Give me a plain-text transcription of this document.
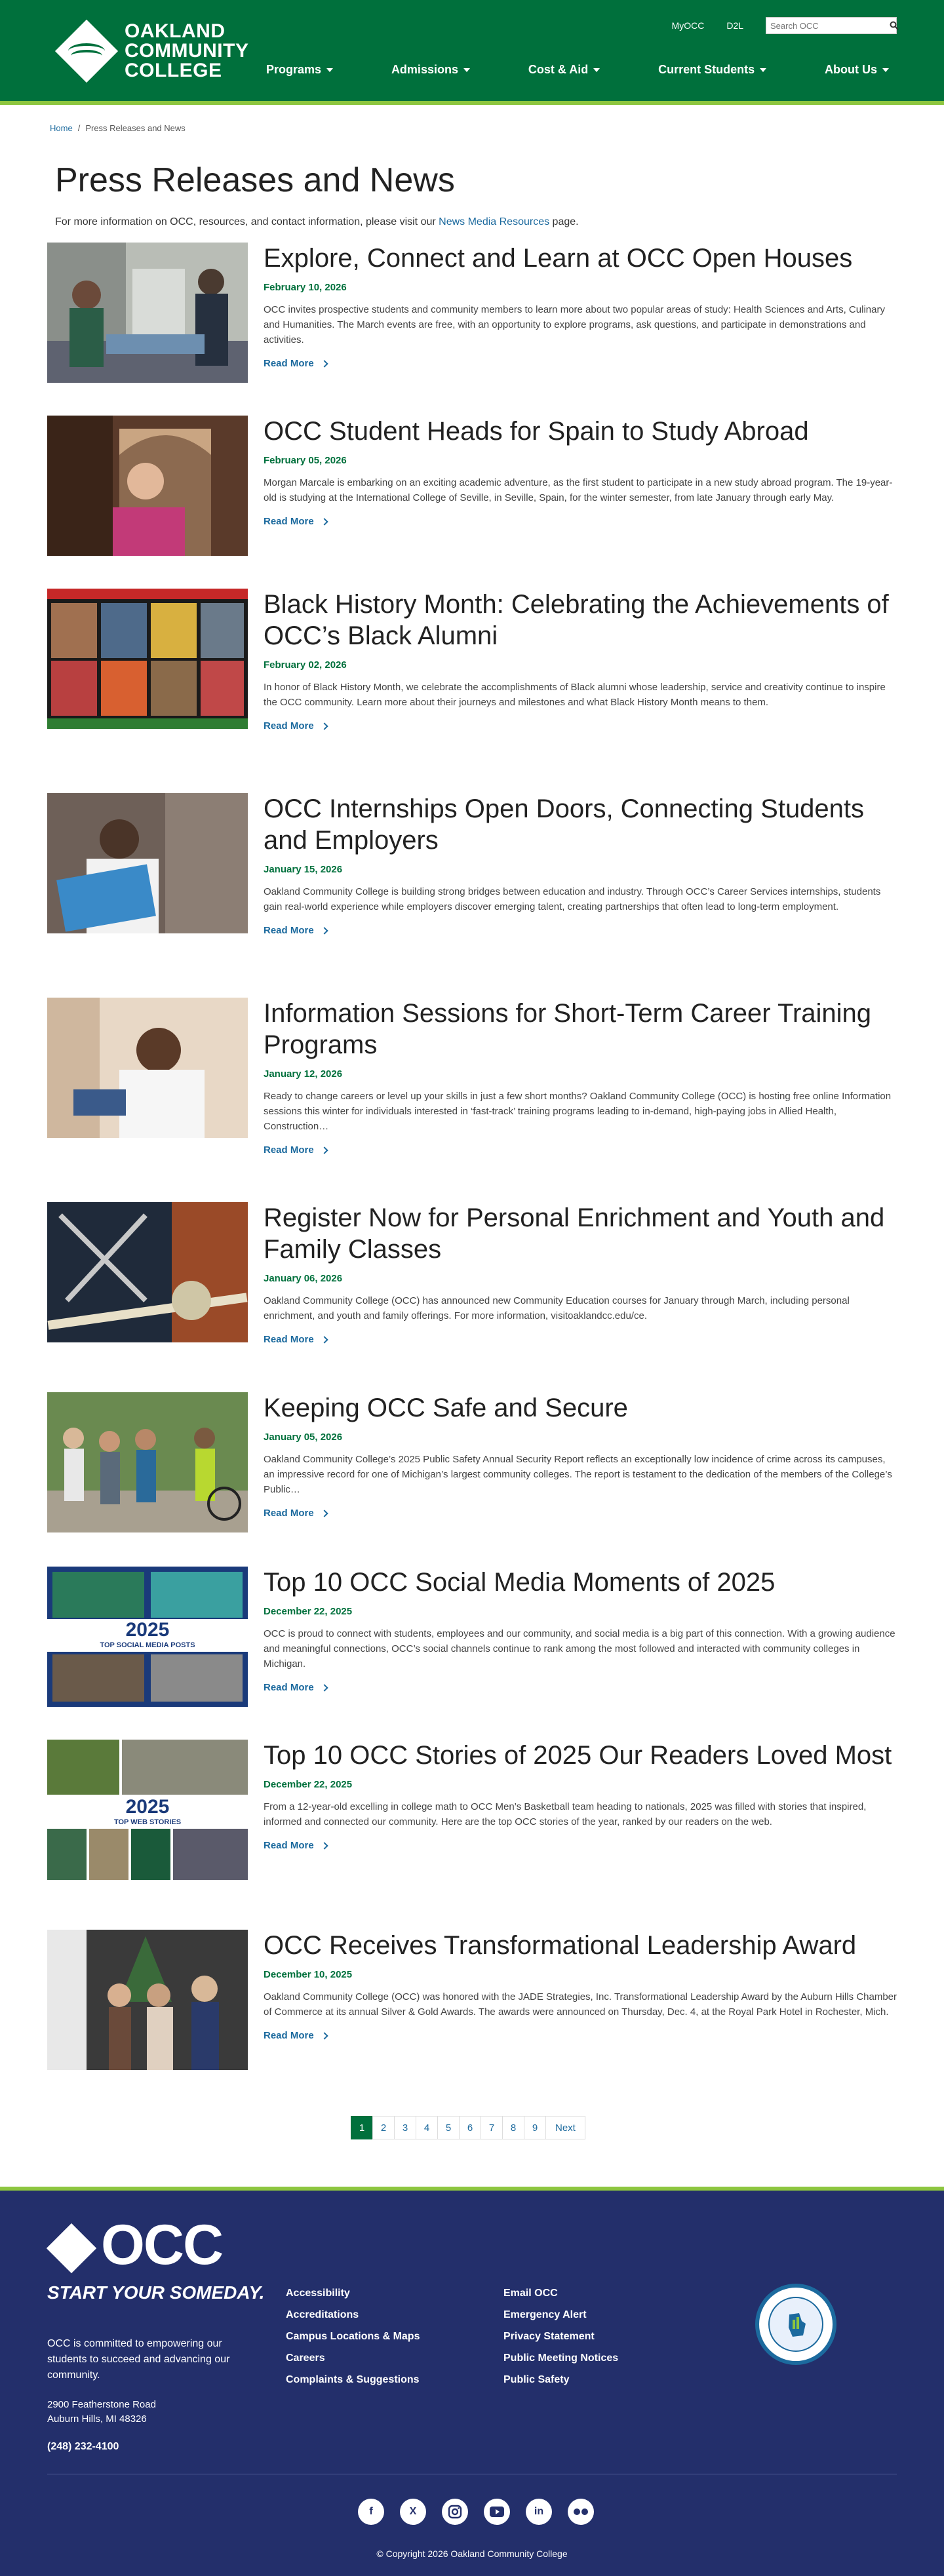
OAKLAND
COMMUNITY
COLLEGE
MyOCC D2L
Search OCC
Programs	Admissions	Cost & Aid	Current Students	About Us
Home / Press Releases and News
Press Releases and News

For more information on OCC, resources, and contact information, please visit our News Media Resources page.

Explore, Connect and Learn at OCC Open Houses
February 10, 2026

OCC invites prospective students and community members to learn more about two popular areas of study: Health Sciences and Arts, Culinary and Humanities. The March events are free, with an opportunity to explore programs, ask questions, and participate in demonstrations and activities.

Read More
OCC Student Heads for Spain to Study Abroad
February 05, 2026

Morgan Marcale is embarking on an exciting academic adventure, as the first student to participate in a new study abroad program. The 19-year-old is studying at the International College of Seville, in Seville, Spain, for the winter semester, from late January through early May.

Read More
Black History Month: Celebrating the Achievements of OCC’s Black Alumni
February 02, 2026

In honor of Black History Month, we celebrate the accomplishments of Black alumni whose leadership, service and creativity continue to inspire the OCC community. Learn more about their journeys and milestones and what Black History Month means to them.

Read More
OCC Internships Open Doors, Connecting Students and Employers
January 15, 2026

Oakland Community College is building strong bridges between education and industry. Through OCC’s Career Services internships, students gain real-world experience while employers discover emerging talent, creating partnerships that often lead to long-term employment.

Read More
Information Sessions for Short-Term Career Training Programs
January 12, 2026

Ready to change careers or level up your skills in just a few short months? Oakland Community College (OCC) is hosting free online Information sessions this winter for individuals interested in ‘fast-track’ training programs leading to in-demand, high-paying jobs in Allied Health, Construction…

Read More
Register Now for Personal Enrichment and Youth and Family Classes
January 06, 2026

Oakland Community College (OCC) has announced new Community Education courses for January through March, including personal enrichment, and youth and family offerings. For more information, visitoaklandcc.edu/ce.

Read More
Keeping OCC Safe and Secure
January 05, 2026

Oakland Community College’s 2025 Public Safety Annual Security Report reflects an exceptionally low incidence of crime across its campuses, an impressive record for one of Michigan’s largest community colleges. The report is testament to the dedication of the members of the College’s Public…

Read More
2025
TOP SOCIAL MEDIA POSTS
Top 10 OCC Social Media Moments of 2025
December 22, 2025

OCC is proud to connect with students, employees and our community, and social media is a big part of this connection. With a growing audience and meaningful connections, OCC’s social channels continue to rank among the most followed and interacted with community colleges in Michigan.

Read More
2025
TOP WEB STORIES
Top 10 OCC Stories of 2025 Our Readers Loved Most
December 22, 2025

From a 12-year-old excelling in college math to OCC Men’s Basketball team heading to nationals, 2025 was filled with stories that inspired, informed and connected our community. Here are the top OCC stories of the year, ranked by our readers on the web.

Read More
OCC Receives Transformational Leadership Award
December 10, 2025

Oakland Community College (OCC) was honored with the JADE Strategies, Inc. Transformational Leadership Award by the Auburn Hills Chamber of Commerce at its annual Silver & Gold Awards. The awards were announced on Thursday, Dec. 4, at the Royal Park Hotel in Rochester, Mich.

Read More
1	2	3	4	5	6	7	8	9	Next
OCC
START YOUR SOMEDAY.

OCC is committed to empowering our students to succeed and advancing our community.

2900 Featherstone Road
Auburn Hills, MI 48326
(248) 232-4100
Accessibility
Accreditations
Campus Locations & Maps
Careers
Complaints & Suggestions
Email OCC
Emergency Alert
Privacy Statement
Public Meeting Notices
Public Safety
f	X	in
© Copyright 2026 Oakland Community College
